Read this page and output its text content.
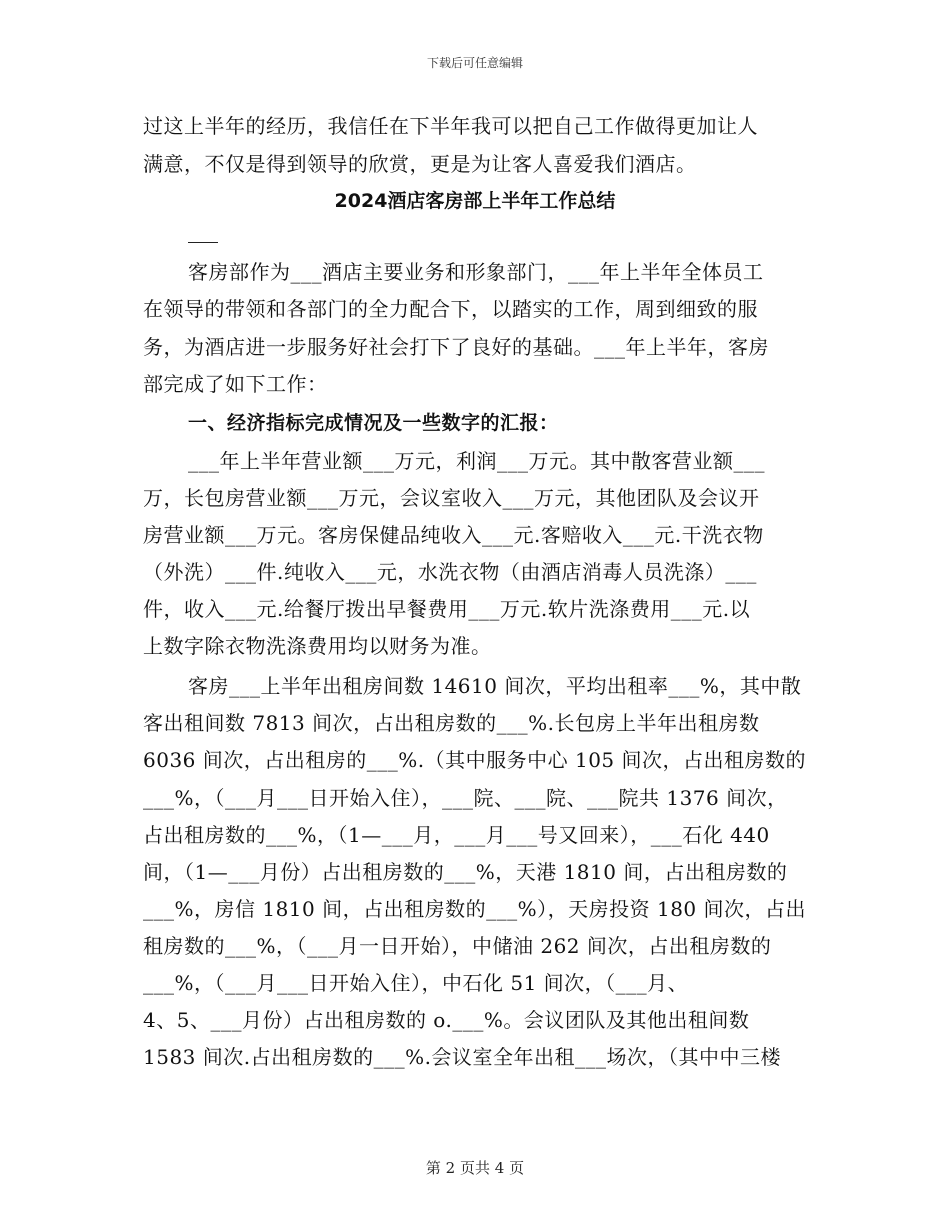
下载后可任意编辑
过这上半年的经历，我信任在下半年我可以把自己工作做得更加让人
满意，不仅是得到领导的欣赏，更是为让客人喜爱我们酒店。
2024酒店客房部上半年工作总结
客房部作为___酒店主要业务和形象部门，___年上半年全体员工
在领导的带领和各部门的全力配合下，以踏实的工作，周到细致的服
务，为酒店进一步服务好社会打下了良好的基础。___年上半年，客房
部完成了如下工作：
一、经济指标完成情况及一些数字的汇报：
___年上半年营业额___万元，利润___万元。其中散客营业额___
万，长包房营业额___万元，会议室收入___万元，其他团队及会议开
房营业额___万元。客房保健品纯收入___元.客赔收入___元.干洗衣物
（外洗）___件.纯收入___元，水洗衣物（由酒店消毒人员洗涤）___
件，收入___元.给餐厅拨出早餐费用___万元.软片洗涤费用___元.以
上数字除衣物洗涤费用均以财务为准。
客房___上半年出租房间数 14610 间次，平均出租率___%，其中散
客出租间数 7813 间次，占出租房数的___%.长包房上半年出租房数
6036 间次，占出租房的___%.（其中服务中心 105 间次，占出租房数的
___%，（___月___日开始入住），___院、___院、___院共 1376 间次，
占出租房数的___%，（1—___月，___月___号又回来），___石化 440
间，（1—___月份）占出租房数的___%，天港 1810 间，占出租房数的
___%，房信 1810 间，占出租房数的___%），天房投资 180 间次，占出
租房数的___%，（___月一日开始），中储油 262 间次，占出租房数的
___%，（___月___日开始入住），中石化 51 间次，（___月、
4、5、___月份）占出租房数的 o.___%。会议团队及其他出租间数
1583 间次.占出租房数的___%.会议室全年出租___场次，（其中中三楼
第 2 页共 4 页
